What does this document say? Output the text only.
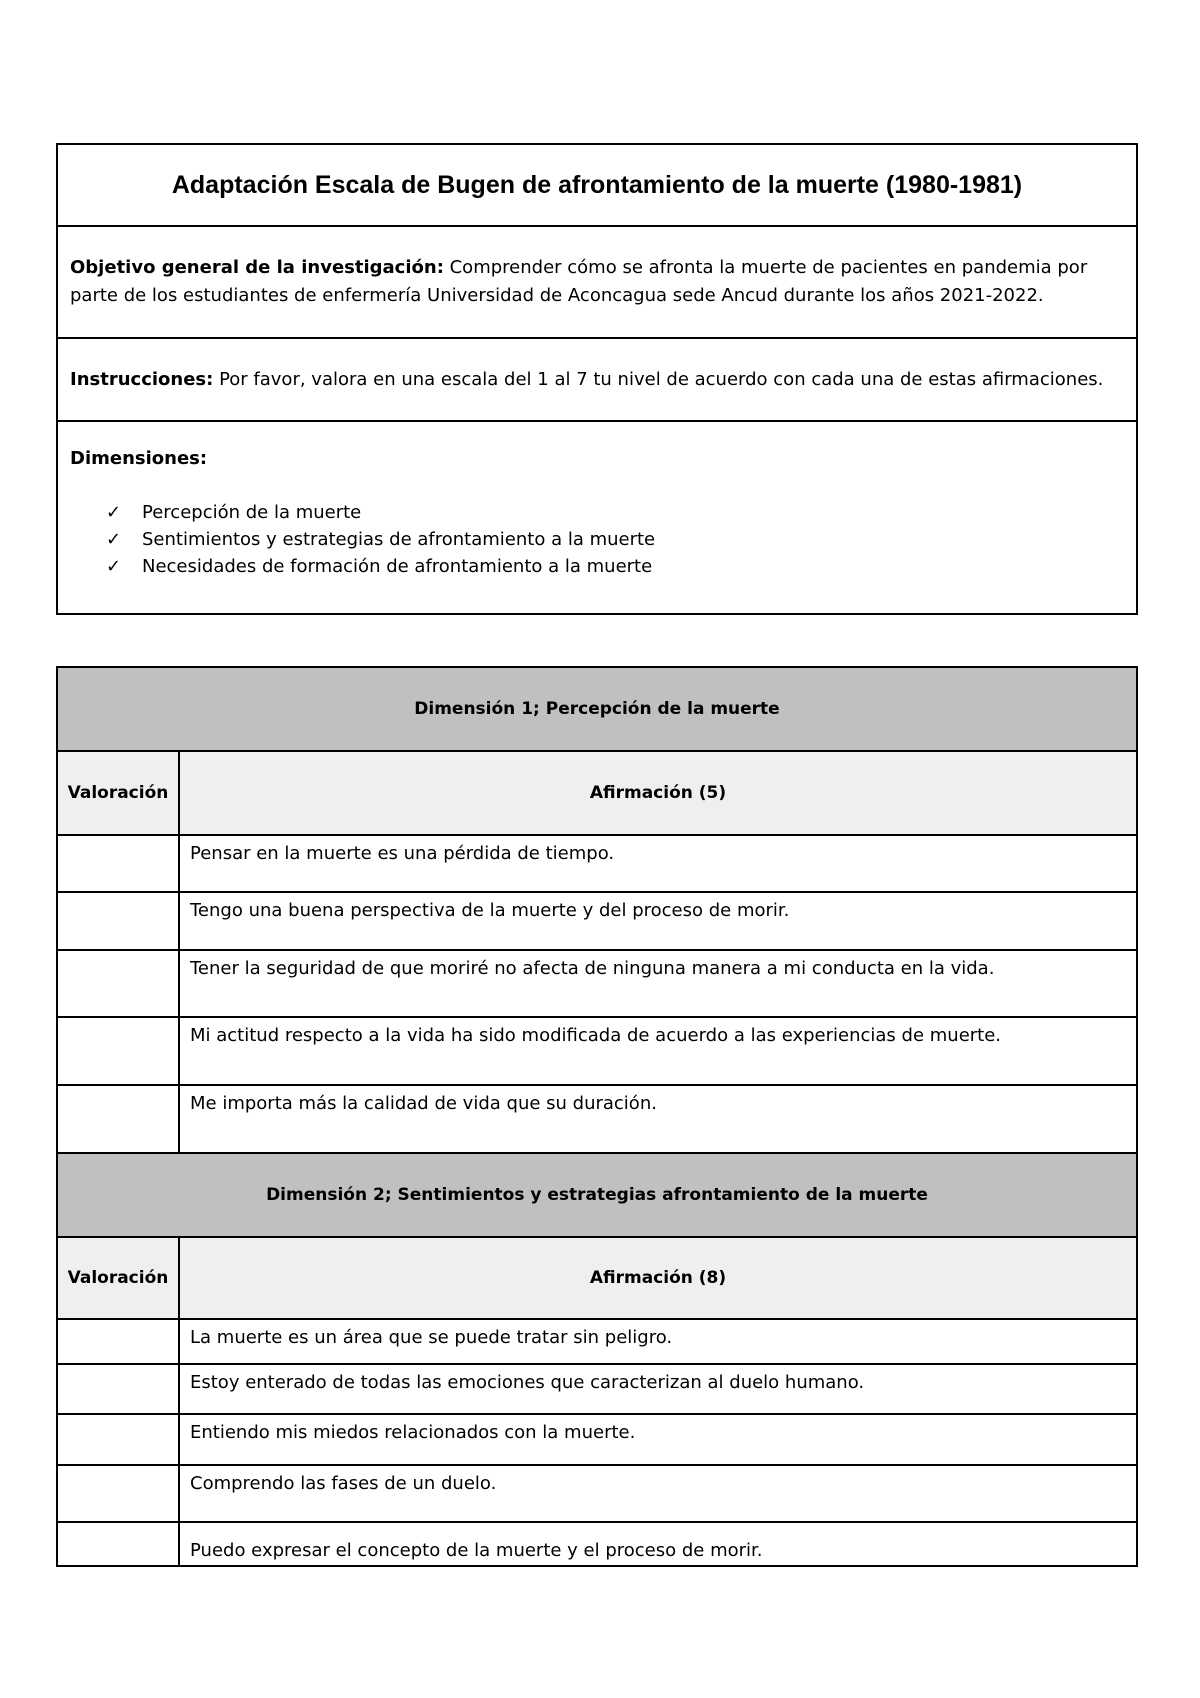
Adaptación Escala de Bugen de afrontamiento de la muerte (1980-1981)
Objetivo general de la investigación: Comprender cómo se afronta la muerte de pacientes en pandemia por parte de los estudiantes de enfermería Universidad de Aconcagua sede Ancud durante los años 2021-2022.
Instrucciones: Por favor, valora en una escala del 1 al 7 tu nivel de acuerdo con cada una de estas afirmaciones.
Dimensiones:
✓	Percepción de la muerte
✓	Sentimientos y estrategias de afrontamiento a la muerte
✓	Necesidades de formación de afrontamiento a la muerte
Dimensión 1; Percepción de la muerte	
Valoración	Afirmación (5)
	Pensar en la muerte es una pérdida de tiempo.
	Tengo una buena perspectiva de la muerte y del proceso de morir.
	Tener la seguridad de que moriré no afecta de ninguna manera a mi conducta en la vida.
	Mi actitud respecto a la vida ha sido modificada de acuerdo a las experiencias de muerte.
	Me importa más la calidad de vida que su duración.
Dimensión 2; Sentimientos y estrategias afrontamiento de la muerte	
Valoración	Afirmación (8)
	La muerte es un área que se puede tratar sin peligro.
	Estoy enterado de todas las emociones que caracterizan al duelo humano.
	Entiendo mis miedos relacionados con la muerte.
	Comprendo las fases de un duelo.
	Puedo expresar el concepto de la muerte y el proceso de morir.
